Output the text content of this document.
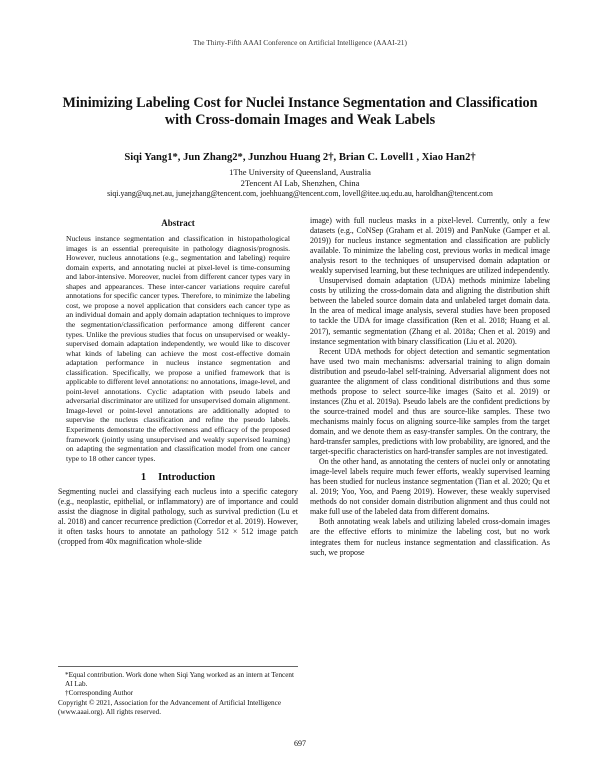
The Thirty-Fifth AAAI Conference on Artificial Intelligence (AAAI-21)
Minimizing Labeling Cost for Nuclei Instance Segmentation and Classification
with Cross-domain Images and Weak Labels
Siqi Yang1*, Jun Zhang2*, Junzhou Huang 2†, Brian C. Lovell1 , Xiao Han2†
1The University of Queensland, Australia
2Tencent AI Lab, Shenzhen, China
siqi.yang@uq.net.au, junejzhang@tencent.com, joehhuang@tencent.com, lovell@itee.uq.edu.au, haroldhan@tencent.com
Abstract

Nucleus instance segmentation and classification in histopathological images is an essential prerequisite in pathology diagnosis/prognosis. However, nucleus annotations (e.g., segmentation and labeling) require domain experts, and annotating nuclei at pixel-level is time-consuming and labor-intensive. Moreover, nuclei from different cancer types vary in shapes and appearances. These inter-cancer variations require careful annotations for specific cancer types. Therefore, to minimize the labeling cost, we propose a novel application that considers each cancer type as an individual domain and apply domain adaptation techniques to improve the segmentation/classification performance among different cancer types. Unlike the previous studies that focus on unsupervised or weakly-supervised domain adaptation independently, we would like to discover what kinds of labeling can achieve the most cost-effective domain adaptation performance in nucleus instance segmentation and classification. Specifically, we propose a unified framework that is applicable to different level annotations: no annotations, image-level, and point-level annotations. Cyclic adaptation with pseudo labels and adversarial discriminator are utilized for unsupervised domain alignment. Image-level or point-level annotations are additionally adopted to supervise the nucleus classification and refine the pseudo labels. Experiments demonstrate the effectiveness and efficacy of the proposed framework (jointly using unsupervised and weakly supervised learning) on adapting the segmentation and classification model from one cancer type to 18 other cancer types.

1 Introduction

Segmenting nuclei and classifying each nucleus into a specific category (e.g., neoplastic, epithelial, or inflammatory) are of importance and could assist the diagnose in digital pathology, such as survival prediction (Lu et al. 2018) and cancer recurrence prediction (Corredor et al. 2019). However, it often tasks hours to annotate an pathology 512 × 512 image patch (cropped from 40x magnification whole-slide

*Equal contribution. Work done when Siqi Yang worked as an intern at Tencent AI Lab.
†Corresponding Author
Copyright © 2021, Association for the Advancement of Artificial Intelligence (www.aaai.org). All rights reserved.

image) with full nucleus masks in a pixel-level. Currently, only a few datasets (e.g., CoNSep (Graham et al. 2019) and PanNuke (Gamper et al. 2019)) for nucleus instance segmentation and classification are publicly available. To minimize the labeling cost, previous works in medical image analysis resort to the techniques of unsupervised domain adaptation or weakly supervised learning, but these techniques are utilized independently.

Unsupervised domain adaptation (UDA) methods minimize labeling costs by utilizing the cross-domain data and aligning the distribution shift between the labeled source domain data and unlabeled target domain data. In the area of medical image analysis, several studies have been proposed to tackle the UDA for image classification (Ren et al. 2018; Huang et al. 2017), semantic segmentation (Zhang et al. 2018a; Chen et al. 2019) and instance segmentation with binary classification (Liu et al. 2020).

Recent UDA methods for object detection and semantic segmentation have used two main mechanisms: adversarial training to align domain distribution and pseudo-label self-training. Adversarial alignment does not guarantee the alignment of class conditional distributions and thus some methods propose to select source-like images (Saito et al. 2019) or instances (Zhu et al. 2019a). Pseudo labels are the confident predictions by the source-trained model and thus are source-like samples. These two mechanisms mainly focus on aligning source-like samples from the target domain, and we denote them as easy-transfer samples. On the contrary, the hard-transfer samples, predictions with low probability, are ignored, and the target-specific characteristics on hard-transfer samples are not investigated.

On the other hand, as annotating the centers of nuclei only or annotating image-level labels require much fewer efforts, weakly supervised learning has been studied for nucleus instance segmentation (Tian et al. 2020; Qu et al. 2019; Yoo, Yoo, and Paeng 2019). However, these weakly supervised methods do not consider domain distribution alignment and thus could not make full use of the labeled data from different domains.

Both annotating weak labels and utilizing labeled cross-domain images are the effective efforts to minimize the labeling cost, but no work integrates them for nucleus instance segmentation and classification. As such, we propose

697
